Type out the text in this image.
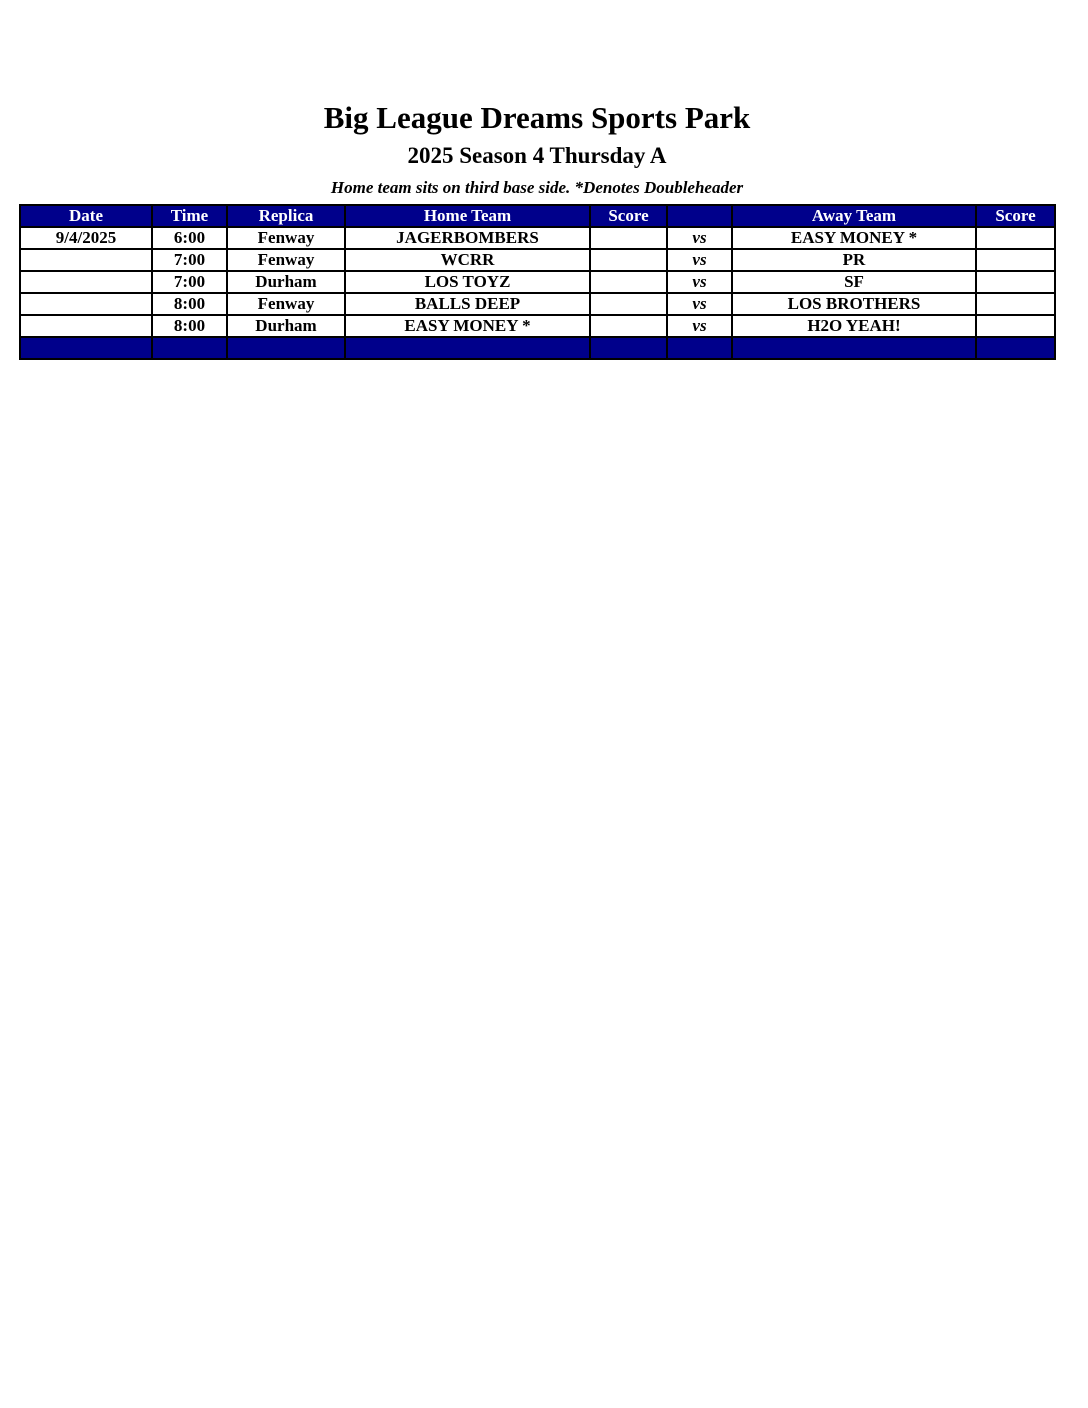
Big League Dreams Sports Park
2025 Season 4 Thursday A
Home team sits on third base side. *Denotes Doubleheader
Date	Time	Replica	Home Team	Score		Away Team	Score
9/4/2025	6:00	Fenway	JAGERBOMBERS		vs	EASY MONEY *	
	7:00	Fenway	WCRR		vs	PR	
	7:00	Durham	LOS TOYZ		vs	SF	
	8:00	Fenway	BALLS DEEP		vs	LOS BROTHERS	
	8:00	Durham	EASY MONEY *		vs	H2O YEAH!	
